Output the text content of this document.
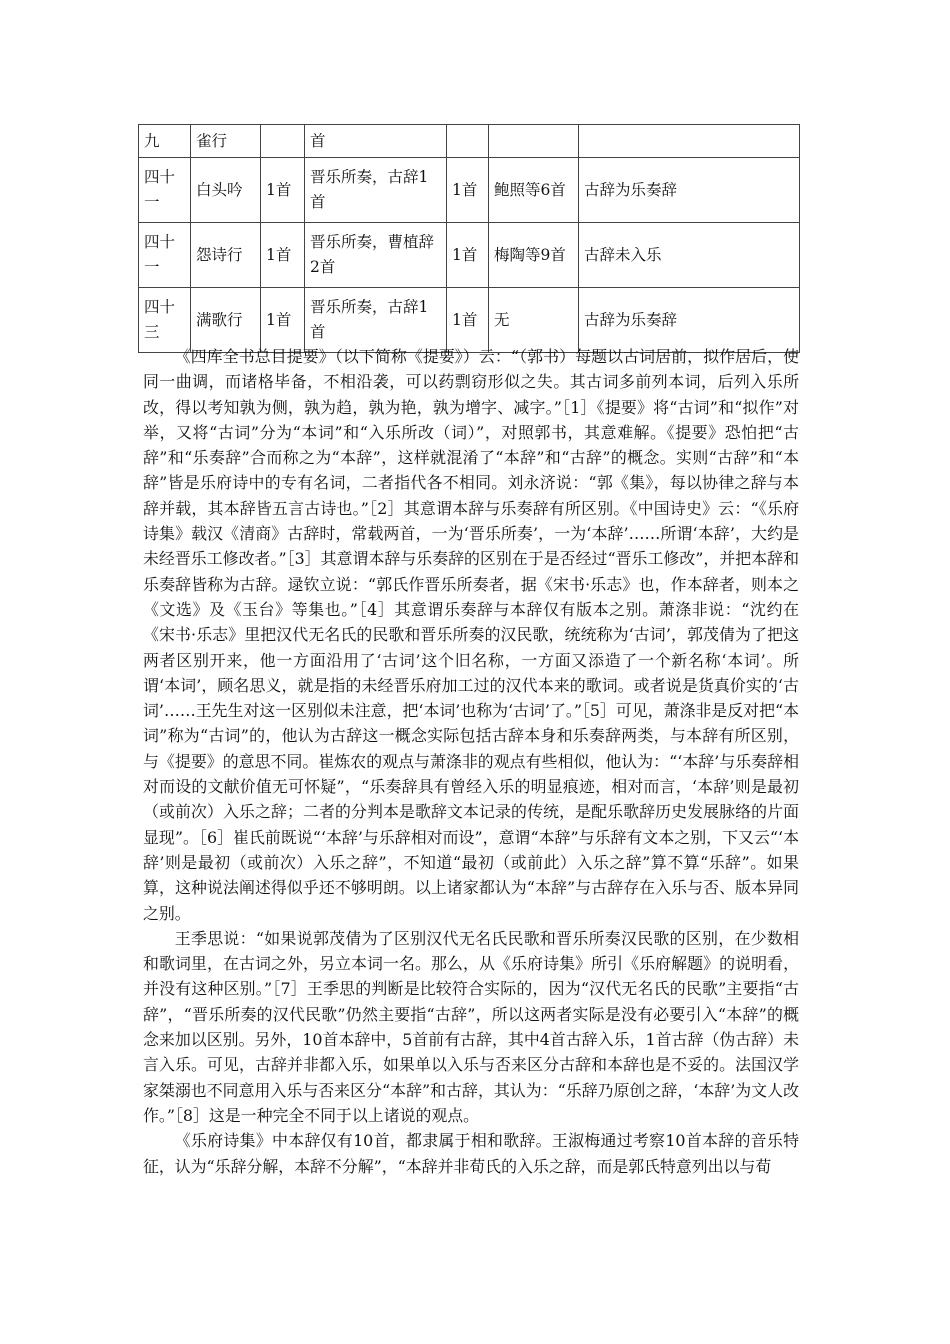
九	雀行		首			
四十一	白头吟	1首	晋乐所奏，古辞1首	1首	鲍照等6首	古辞为乐奏辞
四十一	怨诗行	1首	晋乐所奏，曹植辞2首	1首	梅陶等9首	古辞未入乐
四十三	满歌行	1首	晋乐所奏，古辞1首	1首	无	古辞为乐奏辞

《四库全书总目提要》（以下简称《提要》）云：“（郭书）每题以古词居前，拟作居后，使同一曲调，而诸格毕备，不相沿袭，可以药剽窃形似之失。其古词多前列本词，后列入乐所改，得以考知孰为侧，孰为趋，孰为艳，孰为增字、减字。”［1］《提要》将“古词”和“拟作”对举，又将“古词”分为“本词”和“入乐所改（词）”，对照郭书，其意难解。《提要》恐怕把“古辞”和“乐奏辞”合而称之为“本辞”，这样就混淆了“本辞”和“古辞”的概念。实则“古辞”和“本辞”皆是乐府诗中的专有名词，二者指代各不相同。刘永济说：“郭《集》，每以协律之辞与本辞并载，其本辞皆五言古诗也。”［2］其意谓本辞与乐奏辞有所区别。《中国诗史》云：“《乐府诗集》载汉《清商》古辞时，常载两首，一为‘晋乐所奏’，一为‘本辞’……所谓‘本辞’，大约是未经晋乐工修改者。”［3］其意谓本辞与乐奏辞的区别在于是否经过“晋乐工修改”，并把本辞和乐奏辞皆称为古辞。逯钦立说：“郭氏作晋乐所奏者，据《宋书·乐志》也，作本辞者，则本之《文选》及《玉台》等集也。”［4］其意谓乐奏辞与本辞仅有版本之别。萧涤非说：“沈约在《宋书·乐志》里把汉代无名氏的民歌和晋乐所奏的汉民歌，统统称为‘古词’，郭茂倩为了把这两者区别开来，他一方面沿用了‘古词’这个旧名称，一方面又添造了一个新名称‘本词’。所谓‘本词’，顾名思义，就是指的未经晋乐府加工过的汉代本来的歌词。或者说是货真价实的‘古词’……王先生对这一区别似未注意，把‘本词’也称为‘古词’了。”［5］可见，萧涤非是反对把“本词”称为“古词”的，他认为古辞这一概念实际包括古辞本身和乐奏辞两类，与本辞有所区别，与《提要》的意思不同。崔炼农的观点与萧涤非的观点有些相似，他认为：“‘本辞’与乐奏辞相对而设的文献价值无可怀疑”，“乐奏辞具有曾经入乐的明显痕迹，相对而言，‘本辞’则是最初（或前次）入乐之辞；二者的分判本是歌辞文本记录的传统，是配乐歌辞历史发展脉络的片面显现”。［6］崔氏前既说“‘本辞’与乐辞相对而设”，意谓“本辞”与乐辞有文本之别，下又云“‘本辞’则是最初（或前次）入乐之辞”，不知道“最初（或前此）入乐之辞”算不算“乐辞”。如果算，这种说法阐述得似乎还不够明朗。以上诸家都认为“本辞”与古辞存在入乐与否、版本异同之别。

王季思说：“如果说郭茂倩为了区别汉代无名氏民歌和晋乐所奏汉民歌的区别，在少数相和歌词里，在古词之外，另立本词一名。那么，从《乐府诗集》所引《乐府解题》的说明看，并没有这种区别。”［7］王季思的判断是比较符合实际的，因为“汉代无名氏的民歌”主要指“古辞”，“晋乐所奏的汉代民歌”仍然主要指“古辞”，所以这两者实际是没有必要引入“本辞”的概念来加以区别。另外，10首本辞中，5首前有古辞，其中4首古辞入乐，1首古辞（伪古辞）未言入乐。可见，古辞并非都入乐，如果单以入乐与否来区分古辞和本辞也是不妥的。法国汉学家桀溺也不同意用入乐与否来区分“本辞”和古辞，其认为：“乐辞乃原创之辞，‘本辞’为文人改作。”［8］这是一种完全不同于以上诸说的观点。

《乐府诗集》中本辞仅有10首，都隶属于相和歌辞。王淑梅通过考察10首本辞的音乐特征，认为“乐辞分解，本辞不分解”，“本辞并非荀氏的入乐之辞，而是郭氏特意列出以与荀
